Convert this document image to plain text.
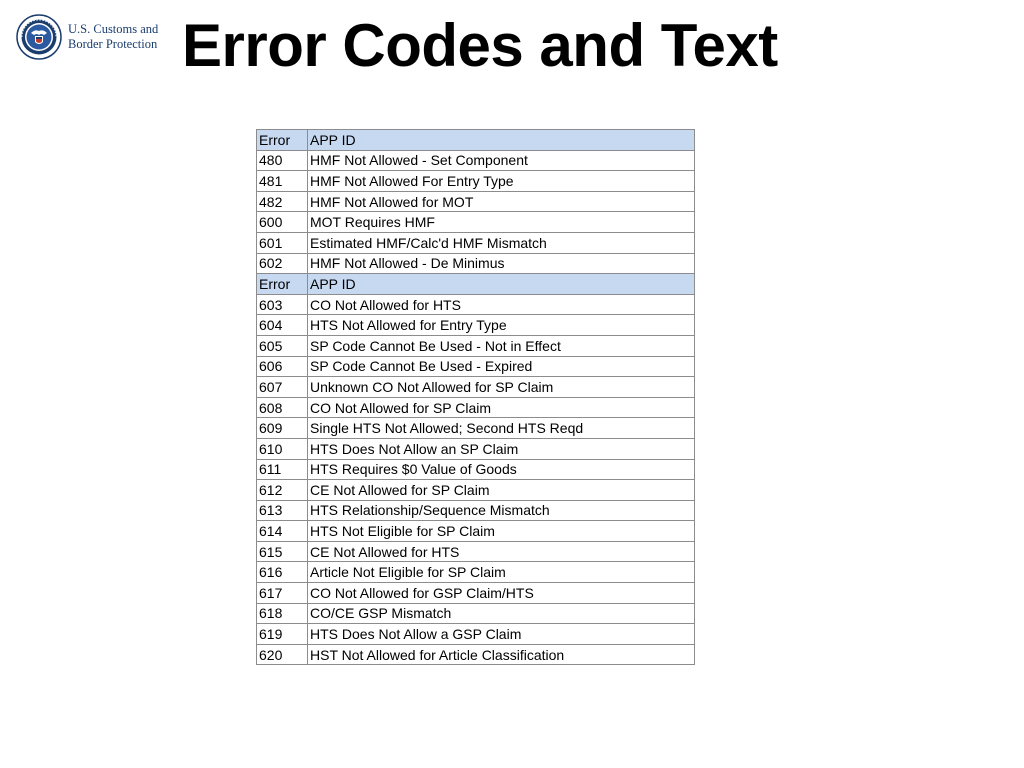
U.S. Customs and
Border Protection Error Codes and Text
Error	APP ID
480	HMF Not Allowed - Set Component
481	HMF Not Allowed For Entry Type
482	HMF Not Allowed for MOT
600	MOT Requires HMF
601	Estimated HMF/Calc'd HMF Mismatch
602	HMF Not Allowed - De Minimus
Error	APP ID
603	CO Not Allowed for HTS
604	HTS Not Allowed for Entry Type
605	SP Code Cannot Be Used - Not in Effect
606	SP Code Cannot Be Used - Expired
607	Unknown CO Not Allowed for SP Claim
608	CO Not Allowed for SP Claim
609	Single HTS Not Allowed; Second HTS Reqd
610	HTS Does Not Allow an SP Claim
611	HTS Requires $0 Value of Goods
612	CE Not Allowed for SP Claim
613	HTS Relationship/Sequence Mismatch
614	HTS Not Eligible for SP Claim
615	CE Not Allowed for HTS
616	Article Not Eligible for SP Claim
617	CO Not Allowed for GSP Claim/HTS
618	CO/CE GSP Mismatch
619	HTS Does Not Allow a GSP Claim
620	HST Not Allowed for Article Classification
